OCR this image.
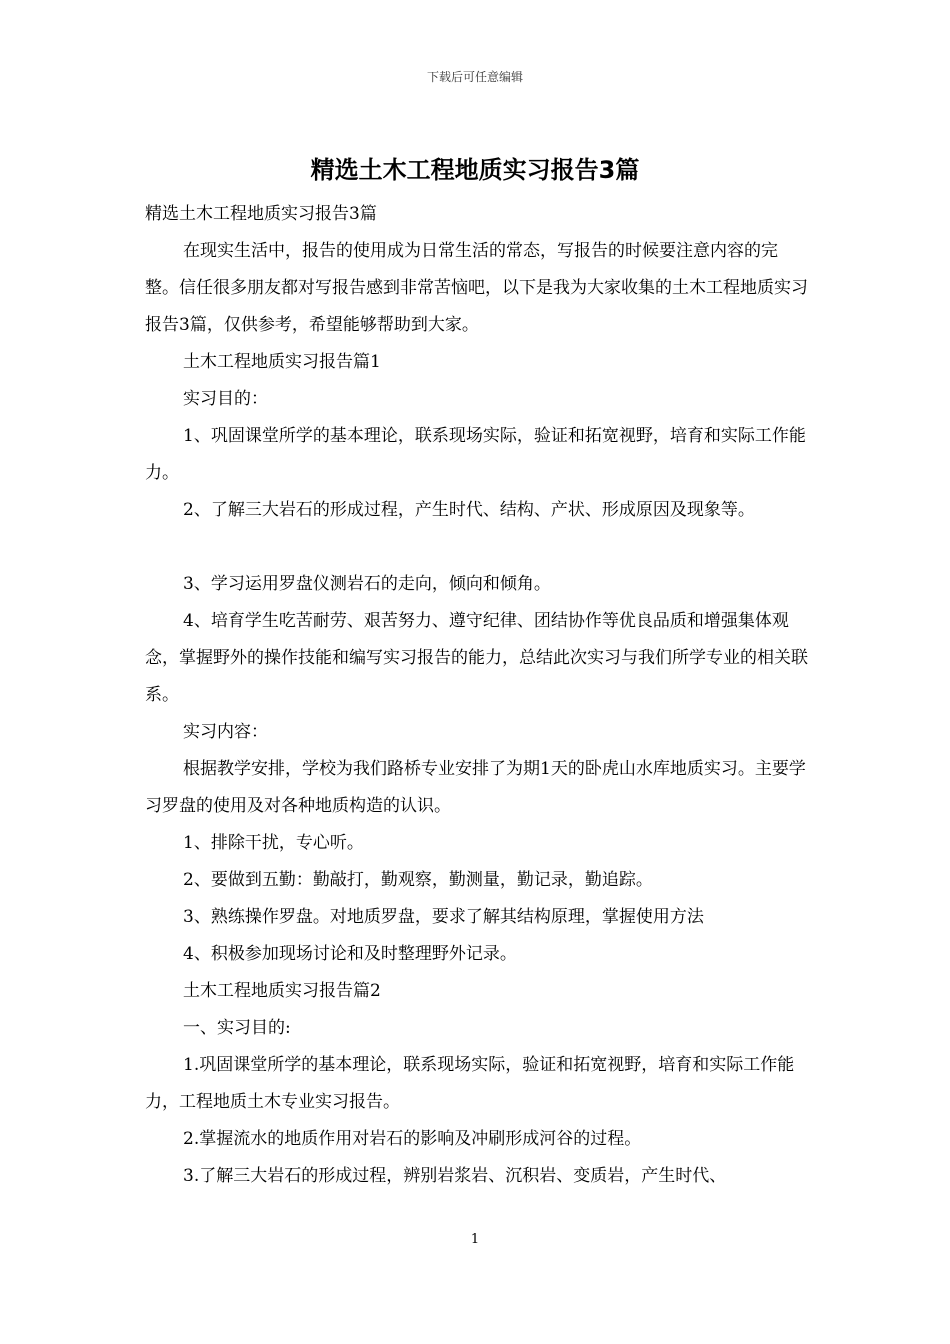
下载后可任意编辑
精选土木工程地质实习报告3篇

精选土木工程地质实习报告3篇

在现实生活中，报告的使用成为日常生活的常态，写报告的时候要注意内容的完整。信任很多朋友都对写报告感到非常苦恼吧，以下是我为大家收集的土木工程地质实习报告3篇，仅供参考，希望能够帮助到大家。

土木工程地质实习报告篇1

实习目的：

1、巩固课堂所学的基本理论，联系现场实际，验证和拓宽视野，培育和实际工作能力。

2、了解三大岩石的形成过程，产生时代、结构、产状、形成原因及现象等。

3、学习运用罗盘仪测岩石的走向，倾向和倾角。

4、培育学生吃苦耐劳、艰苦努力、遵守纪律、团结协作等优良品质和增强集体观念，掌握野外的操作技能和编写实习报告的能力，总结此次实习与我们所学专业的相关联系。

实习内容：

根据教学安排，学校为我们路桥专业安排了为期1天的卧虎山水库地质实习。主要学习罗盘的使用及对各种地质构造的认识。

1、排除干扰，专心听。

2、要做到五勤：勤敲打，勤观察，勤测量，勤记录，勤追踪。

3、熟练操作罗盘。对地质罗盘，要求了解其结构原理，掌握使用方法

4、积极参加现场讨论和及时整理野外记录。

土木工程地质实习报告篇2

一、实习目的:

1.巩固课堂所学的基本理论，联系现场实际，验证和拓宽视野，培育和实际工作能力，工程地质土木专业实习报告。

2.掌握流水的地质作用对岩石的影响及冲刷形成河谷的过程。

3.了解三大岩石的形成过程，辨别岩浆岩、沉积岩、变质岩，产生时代、

1
